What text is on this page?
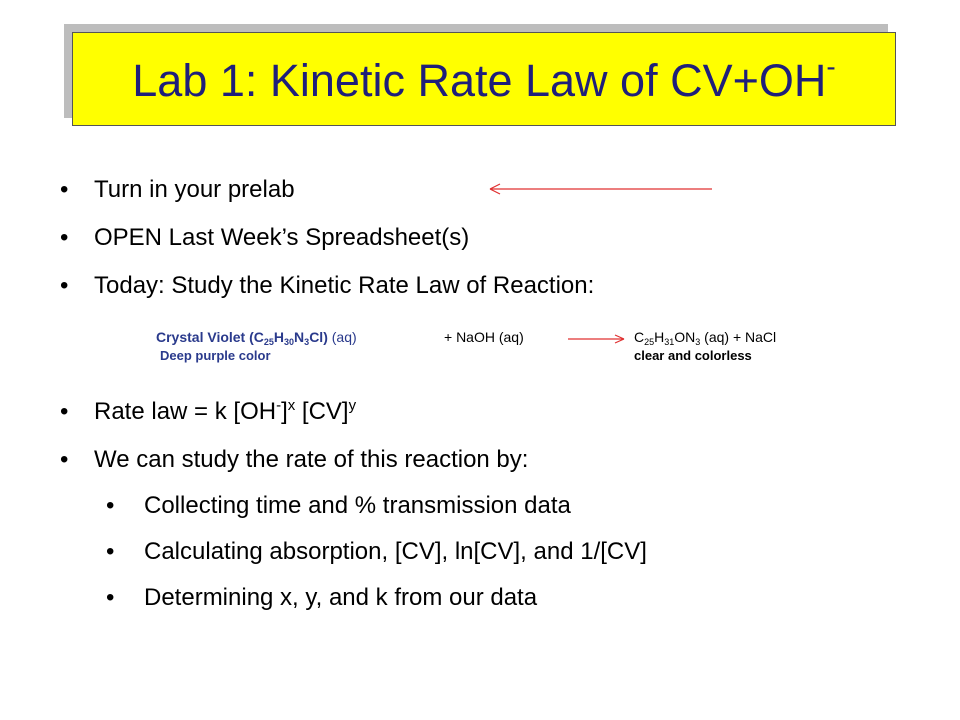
Lab 1: Kinetic Rate Law of CV+OH-
•	Turn in your prelab
•	OPEN Last Week’s Spreadsheet(s)
•	Today: Study the Kinetic Rate Law of Reaction:
Crystal Violet $(C_{25}H_{30}N_3Cl)$ (aq)	+ NaOH (aq)	→ $C_{25}H_{31}ON_3$ (aq) + NaCl
Deep purple color	clear and colorless
•	Rate law = k $[OH^-]^x$ [CV]$^y$
•	We can study the rate of this reaction by:
•	Collecting time and % transmission data
•	Calculating absorption, [CV], ln[CV], and 1/[CV]
•	Determining x, y, and k from our data
